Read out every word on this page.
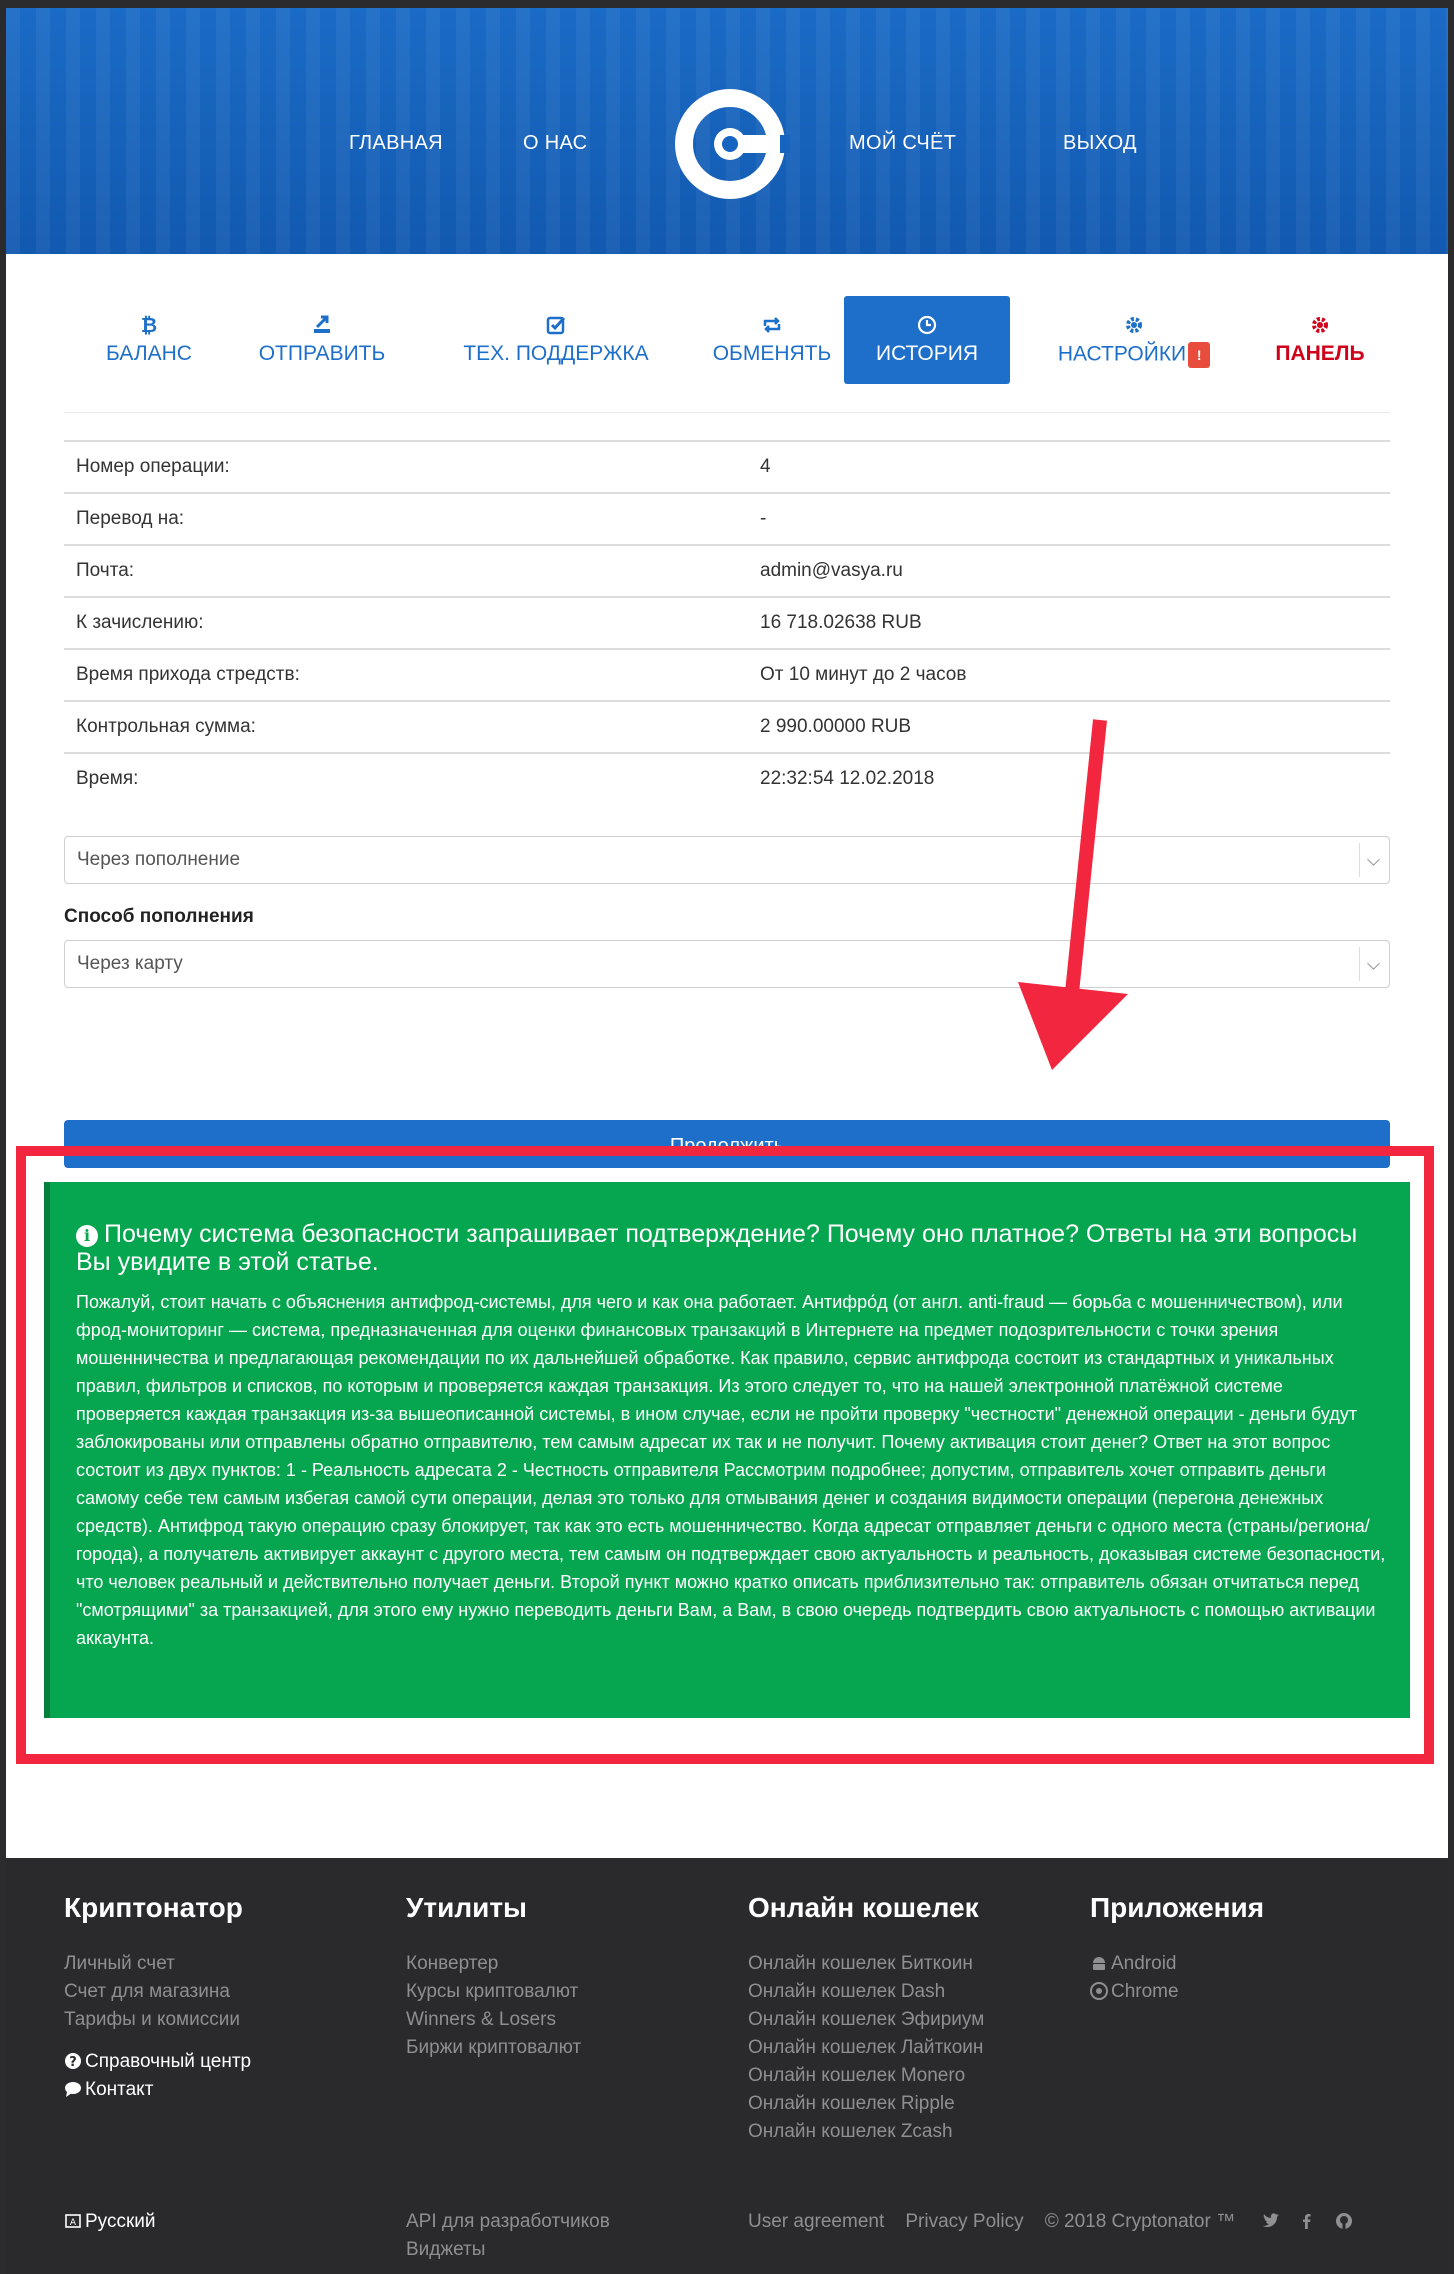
ГЛАВНАЯ	О НАС	МОЙ СЧЁТ	ВЫХОД
₿
БАЛАНС	ОТПРАВИТЬ	ТЕХ. ПОДДЕРЖКА	ОБМЕНЯТЬ	ИСТОРИЯ	НАСТРОЙКИ !	ПАНЕЛЬ
Номер операции:	4
Перевод на:	-
Почта:	admin@vasya.ru
К зачислению:	16 718.02638 RUB
Время прихода стредств:	От 10 минут до 2 часов
Контрольная сумма:	2 990.00000 RUB
Время:	22:32:54 12.02.2018
Через пополнение
Способ пополнения
Через карту
Продолжить
i Почему система безопасности запрашивает подтверждение? Почему оно платное? Ответы на эти вопросы Вы увидите в этой статье.
Пожалуй, стоит начать с объяснения антифрод-системы, для чего и как она работает. Антифро́д (от англ. anti-fraud — борьба с мошенничеством), или фрод-мониторинг — система, предназначенная для оценки финансовых транзакций в Интернете на предмет подозрительности с точки зрения мошенничества и предлагающая рекомендации по их дальнейшей обработке. Как правило, сервис антифрода состоит из стандартных и уникальных правил, фильтров и списков, по которым и проверяется каждая транзакция. Из этого следует то, что на нашей электронной платёжной системе проверяется каждая транзакция из-за вышеописанной системы, в ином случае, если не пройти проверку "честности" денежной операции - деньги будут заблокированы или отправлены обратно отправителю, тем самым адресат их так и не получит. Почему активация стоит денег? Ответ на этот вопрос состоит из двух пунктов: 1 - Реальность адресата 2 - Честность отправителя Рассмотрим подробнее; допустим, отправитель хочет отправить деньги самому себе тем самым избегая самой сути операции, делая это только для отмывания денег и создания видимости операции (перегона денежных средств). Антифрод такую операцию сразу блокирует, так как это есть мошенничество. Когда адресат отправляет деньги с одного места (страны/региона/города), а получатель активирует аккаунт с другого места, тем самым он подтверждает свою актуальность и реальность, доказывая системе безопасности, что человек реальный и действительно получает деньги. Второй пункт можно кратко описать приблизительно так: отправитель обязан отчитаться перед "смотрящими" за транзакцией, для этого ему нужно переводить деньги Вам, а Вам, в свою очередь подтвердить свою актуальность с помощью активации аккаунта.
Криптонатор
Личный счет
Счет для магазина
Тарифы и комиссии
? Справочный центр
Контакт
Утилиты
Конвертер
Курсы криптовалют
Winners & Losers
Биржи криптовалют
Онлайн кошелек
Онлайн кошелек Биткоин
Онлайн кошелек Dash
Онлайн кошелек Эфириум
Онлайн кошелек Лайткоин
Онлайн кошелек Monero
Онлайн кошелек Ripple
Онлайн кошелек Zcash
Приложения
Android
Chrome
A Русский	API для разработчиков
Виджеты
User agreement Privacy Policy © 2018 Cryptonator ™
